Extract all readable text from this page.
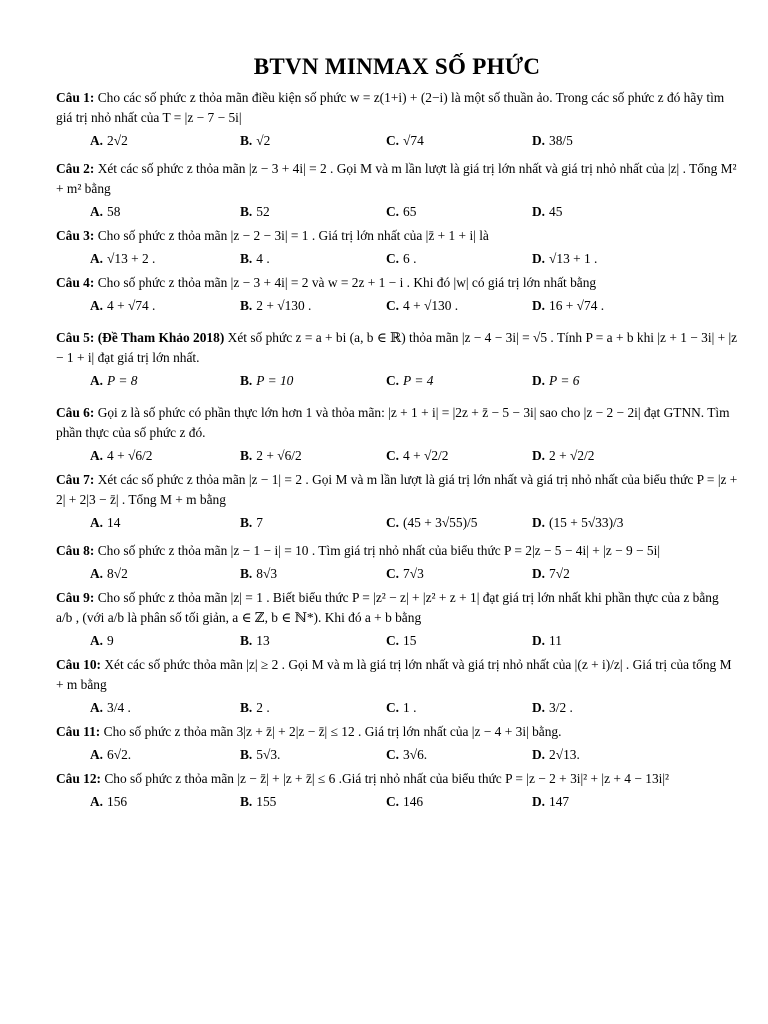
BTVN MINMAX SỐ PHỨC
Câu 1: Cho các số phức z thỏa mãn điều kiện số phức w = z(1+i) + (2−i) là một số thuần ảo. Trong các số phức z đó hãy tìm giá trị nhỏ nhất của T = |z − 7 − 5i|
A. 2√2	B. √2	C. √74	D. 38/5
Câu 2: Xét các số phức z thỏa mãn |z − 3 + 4i| = 2 . Gọi M và m lần lượt là giá trị lớn nhất và giá trị nhỏ nhất của |z| . Tổng M² + m² bằng
A. 58	B. 52	C. 65	D. 45
Câu 3: Cho số phức z thỏa mãn |z − 2 − 3i| = 1 . Giá trị lớn nhất của |z̄ + 1 + i| là
A. √13 + 2 .	B. 4 .	C. 6 .	D. √13 + 1 .
Câu 4: Cho số phức z thỏa mãn |z − 3 + 4i| = 2 và w = 2z + 1 − i . Khi đó |w| có giá trị lớn nhất bằng
A. 4 + √74 .	B. 2 + √130 .	C. 4 + √130 .	D. 16 + √74 .
Câu 5: (Đề Tham Khảo 2018) Xét số phức z = a + bi (a, b ∈ ℝ) thỏa mãn |z − 4 − 3i| = √5 . Tính P = a + b khi |z + 1 − 3i| + |z − 1 + i| đạt giá trị lớn nhất.
A. P = 8	B. P = 10	C. P = 4	D. P = 6
Câu 6: Gọi z là số phức có phần thực lớn hơn 1 và thỏa mãn: |z + 1 + i| = |2z + z̄ − 5 − 3i| sao cho |z − 2 − 2i| đạt GTNN. Tìm phần thực của số phức z đó.
A. 4 + √6/2	B. 2 + √6/2	C. 4 + √2/2	D. 2 + √2/2
Câu 7: Xét các số phức z thỏa mãn |z − 1| = 2 . Gọi M và m lần lượt là giá trị lớn nhất và giá trị nhỏ nhất của biểu thức P = |z + 2| + 2|3 − z̄| . Tổng M + m bằng
A. 14	B. 7	C. (45 + 3√55)/5	D. (15 + 5√33)/3
Câu 8: Cho số phức z thỏa mãn |z − 1 − i| = 10 . Tìm giá trị nhỏ nhất của biểu thức P = 2|z − 5 − 4i| + |z − 9 − 5i|
A. 8√2	B. 8√3	C. 7√3	D. 7√2
Câu 9: Cho số phức z thỏa mãn |z| = 1 . Biết biểu thức P = |z² − z| + |z² + z + 1| đạt giá trị lớn nhất khi phần thực của z bằng a/b , (với a/b là phân số tối giản, a ∈ ℤ, b ∈ ℕ*). Khi đó a + b bằng
A. 9	B. 13	C. 15	D. 11
Câu 10: Xét các số phức thỏa mãn |z| ≥ 2 . Gọi M và m là giá trị lớn nhất và giá trị nhỏ nhất của |(z + i)/z| . Giá trị của tổng M + m bằng
A. 3/4 .	B. 2 .	C. 1 .	D. 3/2 .
Câu 11: Cho số phức z thỏa mãn 3|z + z̄| + 2|z − z̄| ≤ 12 . Giá trị lớn nhất của |z − 4 + 3i| bằng.
A. 6√2.	B. 5√3.	C. 3√6.	D. 2√13.
Câu 12: Cho số phức z thỏa mãn |z − z̄| + |z + z̄| ≤ 6 .Giá trị nhỏ nhất của biểu thức P = |z − 2 + 3i|² + |z + 4 − 13i|²
A. 156	B. 155	C. 146	D. 147
